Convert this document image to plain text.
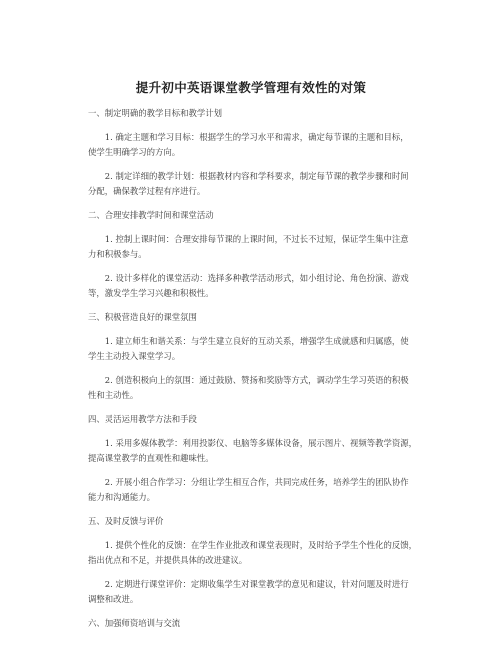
提升初中英语课堂教学管理有效性的对策
一、制定明确的教学目标和教学计划
1. 确定主题和学习目标：根据学生的学习水平和需求，确定每节课的主题和目标，
使学生明确学习的方向。
2. 制定详细的教学计划：根据教材内容和学科要求，制定每节课的教学步骤和时间
分配，确保教学过程有序进行。
二、合理安排教学时间和课堂活动
1. 控制上课时间：合理安排每节课的上课时间，不过长不过短，保证学生集中注意
力和积极参与。
2. 设计多样化的课堂活动：选择多种教学活动形式，如小组讨论、角色扮演、游戏
等，激发学生学习兴趣和积极性。
三、积极营造良好的课堂氛围
1. 建立师生和谐关系：与学生建立良好的互动关系，增强学生成就感和归属感，使
学生主动投入课堂学习。
2. 创造积极向上的氛围：通过鼓励、赞扬和奖励等方式，调动学生学习英语的积极
性和主动性。
四、灵活运用教学方法和手段
1. 采用多媒体教学：利用投影仪、电脑等多媒体设备，展示图片、视频等教学资源，
提高课堂教学的直观性和趣味性。
2. 开展小组合作学习：分组让学生相互合作，共同完成任务，培养学生的团队协作
能力和沟通能力。
五、及时反馈与评价
1. 提供个性化的反馈：在学生作业批改和课堂表现时，及时给予学生个性化的反馈，
指出优点和不足，并提供具体的改进建议。
2. 定期进行课堂评价：定期收集学生对课堂教学的意见和建议，针对问题及时进行
调整和改进。
六、加强师资培训与交流
